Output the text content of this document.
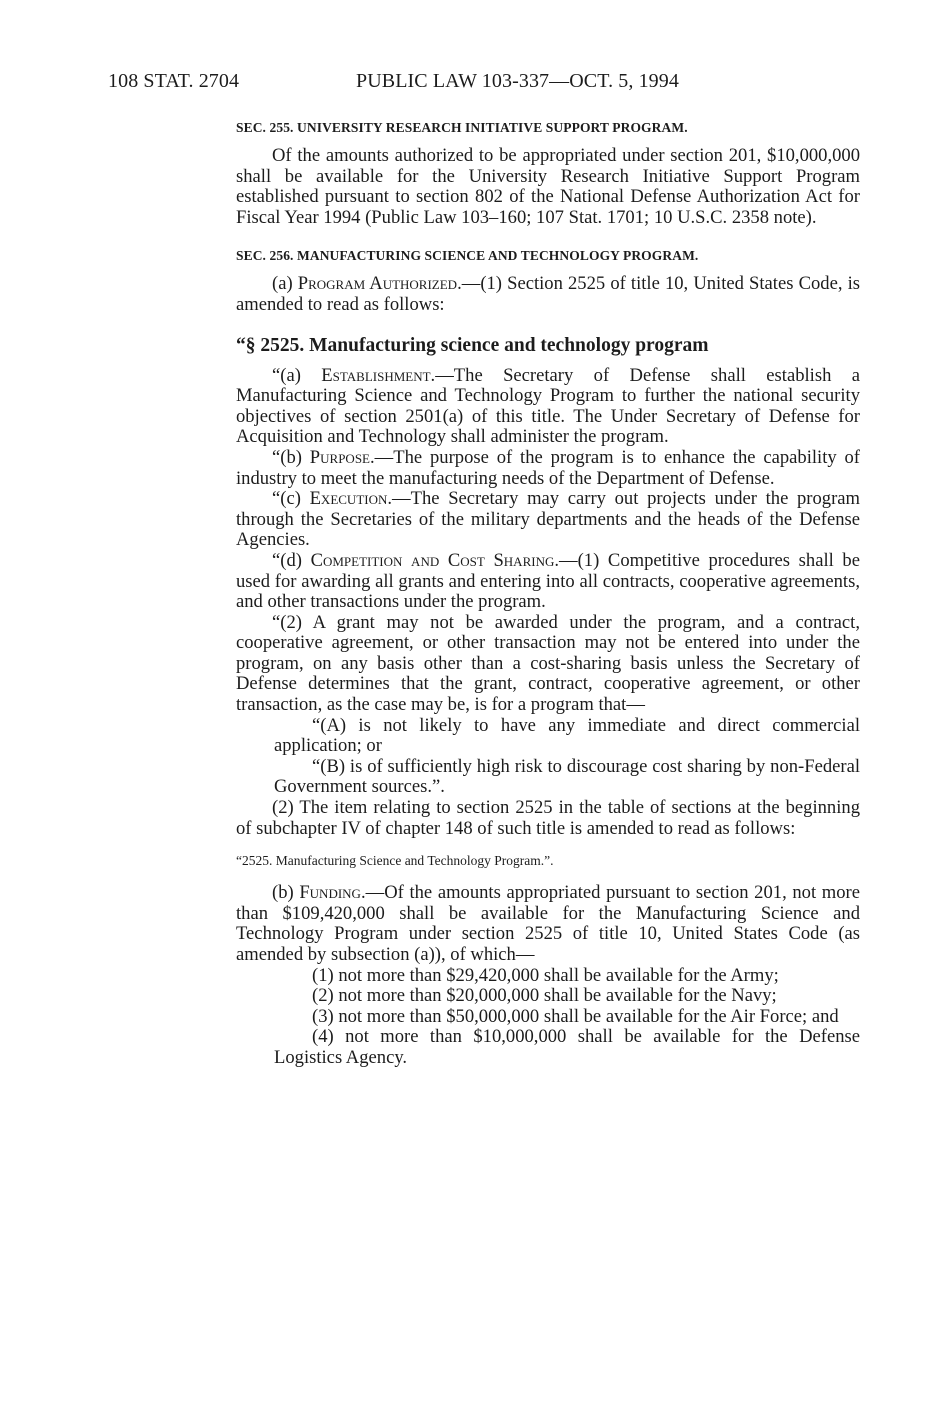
108 STAT. 2704	PUBLIC LAW 103-337—OCT. 5, 1994

SEC. 255. UNIVERSITY RESEARCH INITIATIVE SUPPORT PROGRAM.

Of the amounts authorized to be appropriated under section 201, $10,000,000 shall be available for the University Research Initiative Support Program established pursuant to section 802 of the National Defense Authorization Act for Fiscal Year 1994 (Public Law 103–160; 107 Stat. 1701; 10 U.S.C. 2358 note).

SEC. 256. MANUFACTURING SCIENCE AND TECHNOLOGY PROGRAM.

(a) Program Authorized.—(1) Section 2525 of title 10, United States Code, is amended to read as follows:

“§ 2525. Manufacturing science and technology program

“(a) Establishment.—The Secretary of Defense shall establish a Manufacturing Science and Technology Program to further the national security objectives of section 2501(a) of this title. The Under Secretary of Defense for Acquisition and Technology shall administer the program.

“(b) Purpose.—The purpose of the program is to enhance the capability of industry to meet the manufacturing needs of the Department of Defense.

“(c) Execution.—The Secretary may carry out projects under the program through the Secretaries of the military departments and the heads of the Defense Agencies.

“(d) Competition and Cost Sharing.—(1) Competitive procedures shall be used for awarding all grants and entering into all contracts, cooperative agreements, and other transactions under the program.

“(2) A grant may not be awarded under the program, and a contract, cooperative agreement, or other transaction may not be entered into under the program, on any basis other than a cost-sharing basis unless the Secretary of Defense determines that the grant, contract, cooperative agreement, or other transaction, as the case may be, is for a program that—

“(A) is not likely to have any immediate and direct commercial application; or

“(B) is of sufficiently high risk to discourage cost sharing by non-Federal Government sources.”.

(2) The item relating to section 2525 in the table of sections at the beginning of subchapter IV of chapter 148 of such title is amended to read as follows:

“2525. Manufacturing Science and Technology Program.”.

(b) Funding.—Of the amounts appropriated pursuant to section 201, not more than $109,420,000 shall be available for the Manufacturing Science and Technology Program under section 2525 of title 10, United States Code (as amended by subsection (a)), of which—

(1) not more than $29,420,000 shall be available for the Army;

(2) not more than $20,000,000 shall be available for the Navy;

(3) not more than $50,000,000 shall be available for the Air Force; and

(4) not more than $10,000,000 shall be available for the Defense Logistics Agency.
